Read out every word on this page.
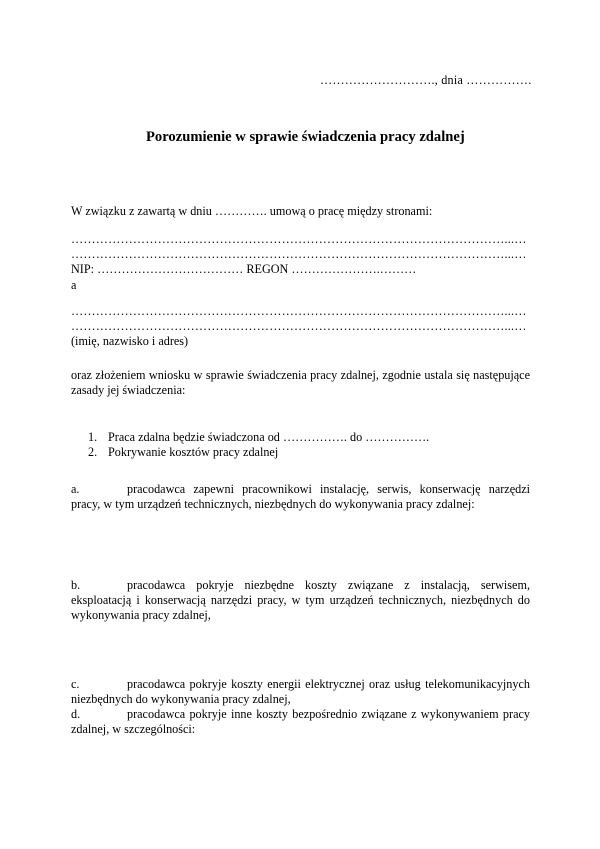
………………………., dnia …………….
Porozumienie w sprawie świadczenia pracy zdalnej
W związku z zawartą w dniu …………. umową o pracę między stronami:
……………………………………………………………………………………………...…
……………………………………………………………………………………………...…
NIP: ……………………………… REGON ………………….………
a
……………………………………………………………………………………………...…
……………………………………………………………………………………………...…
(imię, nazwisko i adres)
oraz złożeniem wniosku w sprawie świadczenia pracy zdalnej, zgodnie ustala się następujące zasady jej świadczenia:
1. Praca zdalna będzie świadczona od ……………. do …………….
2. Pokrywanie kosztów pracy zdalnej
a.	pracodawca zapewni pracownikowi instalację, serwis, konserwację narzędzi pracy, w tym urządzeń technicznych, niezbędnych do wykonywania pracy zdalnej:
b.	pracodawca pokryje niezbędne koszty związane z instalacją, serwisem, eksploatacją i konserwacją narzędzi pracy, w tym urządzeń technicznych, niezbędnych do wykonywania pracy zdalnej,
c.	pracodawca pokryje koszty energii elektrycznej oraz usług telekomunikacyjnych niezbędnych do wykonywania pracy zdalnej,
d.	pracodawca pokryje inne koszty bezpośrednio związane z wykonywaniem pracy zdalnej, w szczególności:
